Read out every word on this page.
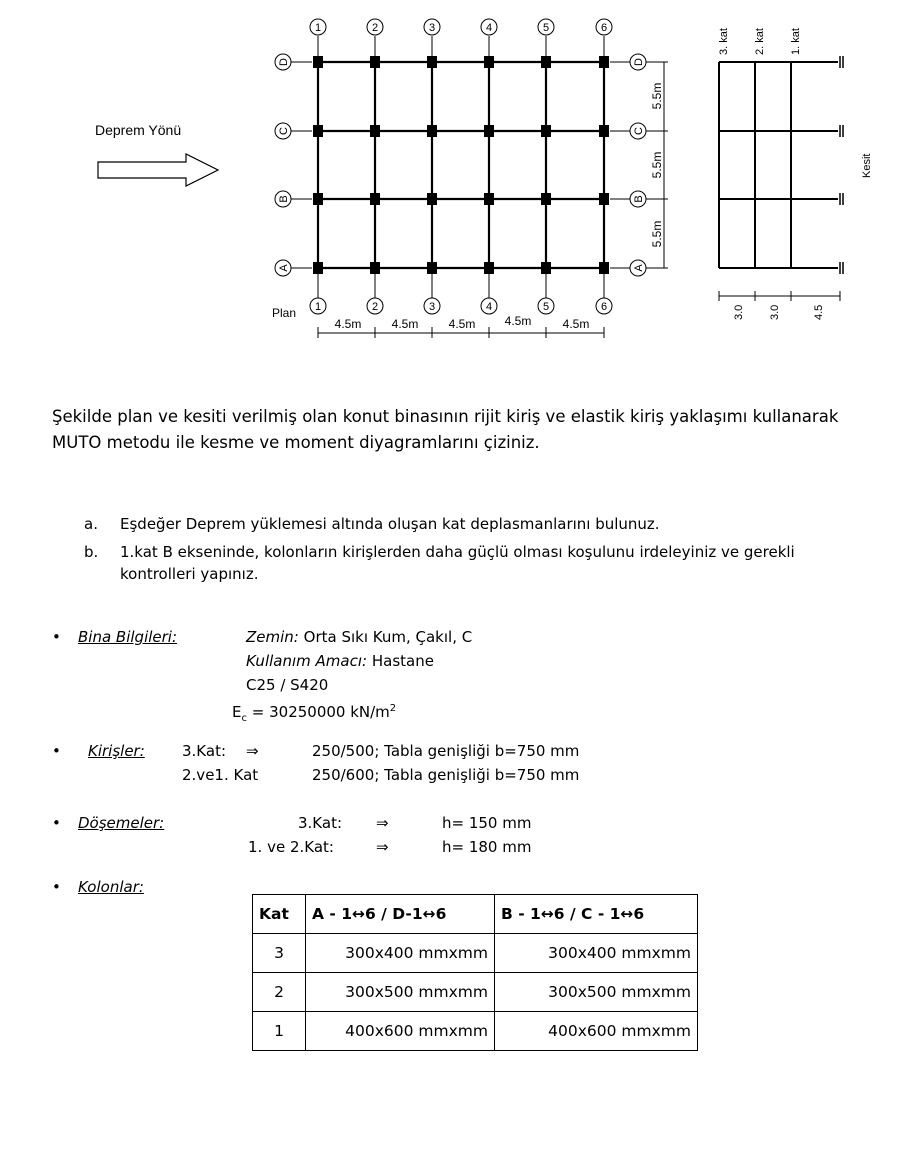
Deprem Yönü
1	2	3	4	5	6
1	2	3	4	5	6
D
C
B
A
D
C
B
A
5.5m
5.5m
5.5m
Plan
4.5m	4.5m	4.5m 4.5m	4.5m
3. kat 2. kat 1. kat
Kesit
3.0 3.0	4.5
Şekilde plan ve kesiti verilmiş olan konut binasının rijit kiriş ve elastik kiriş yaklaşımı kullanarak
MUTO metodu ile kesme ve moment diyagramlarını çiziniz.
a. Eşdeğer Deprem yüklemesi altında oluşan kat deplasmanlarını bulunuz.
b. 1.kat B ekseninde, kolonların kirişlerden daha güçlü olması koşulunu irdeleyiniz ve gerekli
kontrolleri yapınız.
• Bina Bilgileri:	Zemin: Orta Sıkı Kum, Çakıl, C
Kullanım Amacı: Hastane
C25 / S420
$E_c = 30250000$ $kN/m^2$
• Kirişler: 3.Kat: ⇒	250/500; Tabla genişliği b=750 mm
2.ve1. Kat	250/600; Tabla genişliği b=750 mm
• Döşemeler:	3.Kat: ⇒	h= 150 mm
1. ve 2.Kat:	⇒	h= 180 mm
• Kolonlar:
Kat	A - 1↔6 / D-1↔6	B - 1↔6 / C - 1↔6
3	300x400 mmxmm	300x400 mmxmm
2	300x500 mmxmm	300x500 mmxmm
1	400x600 mmxmm	400x600 mmxmm
